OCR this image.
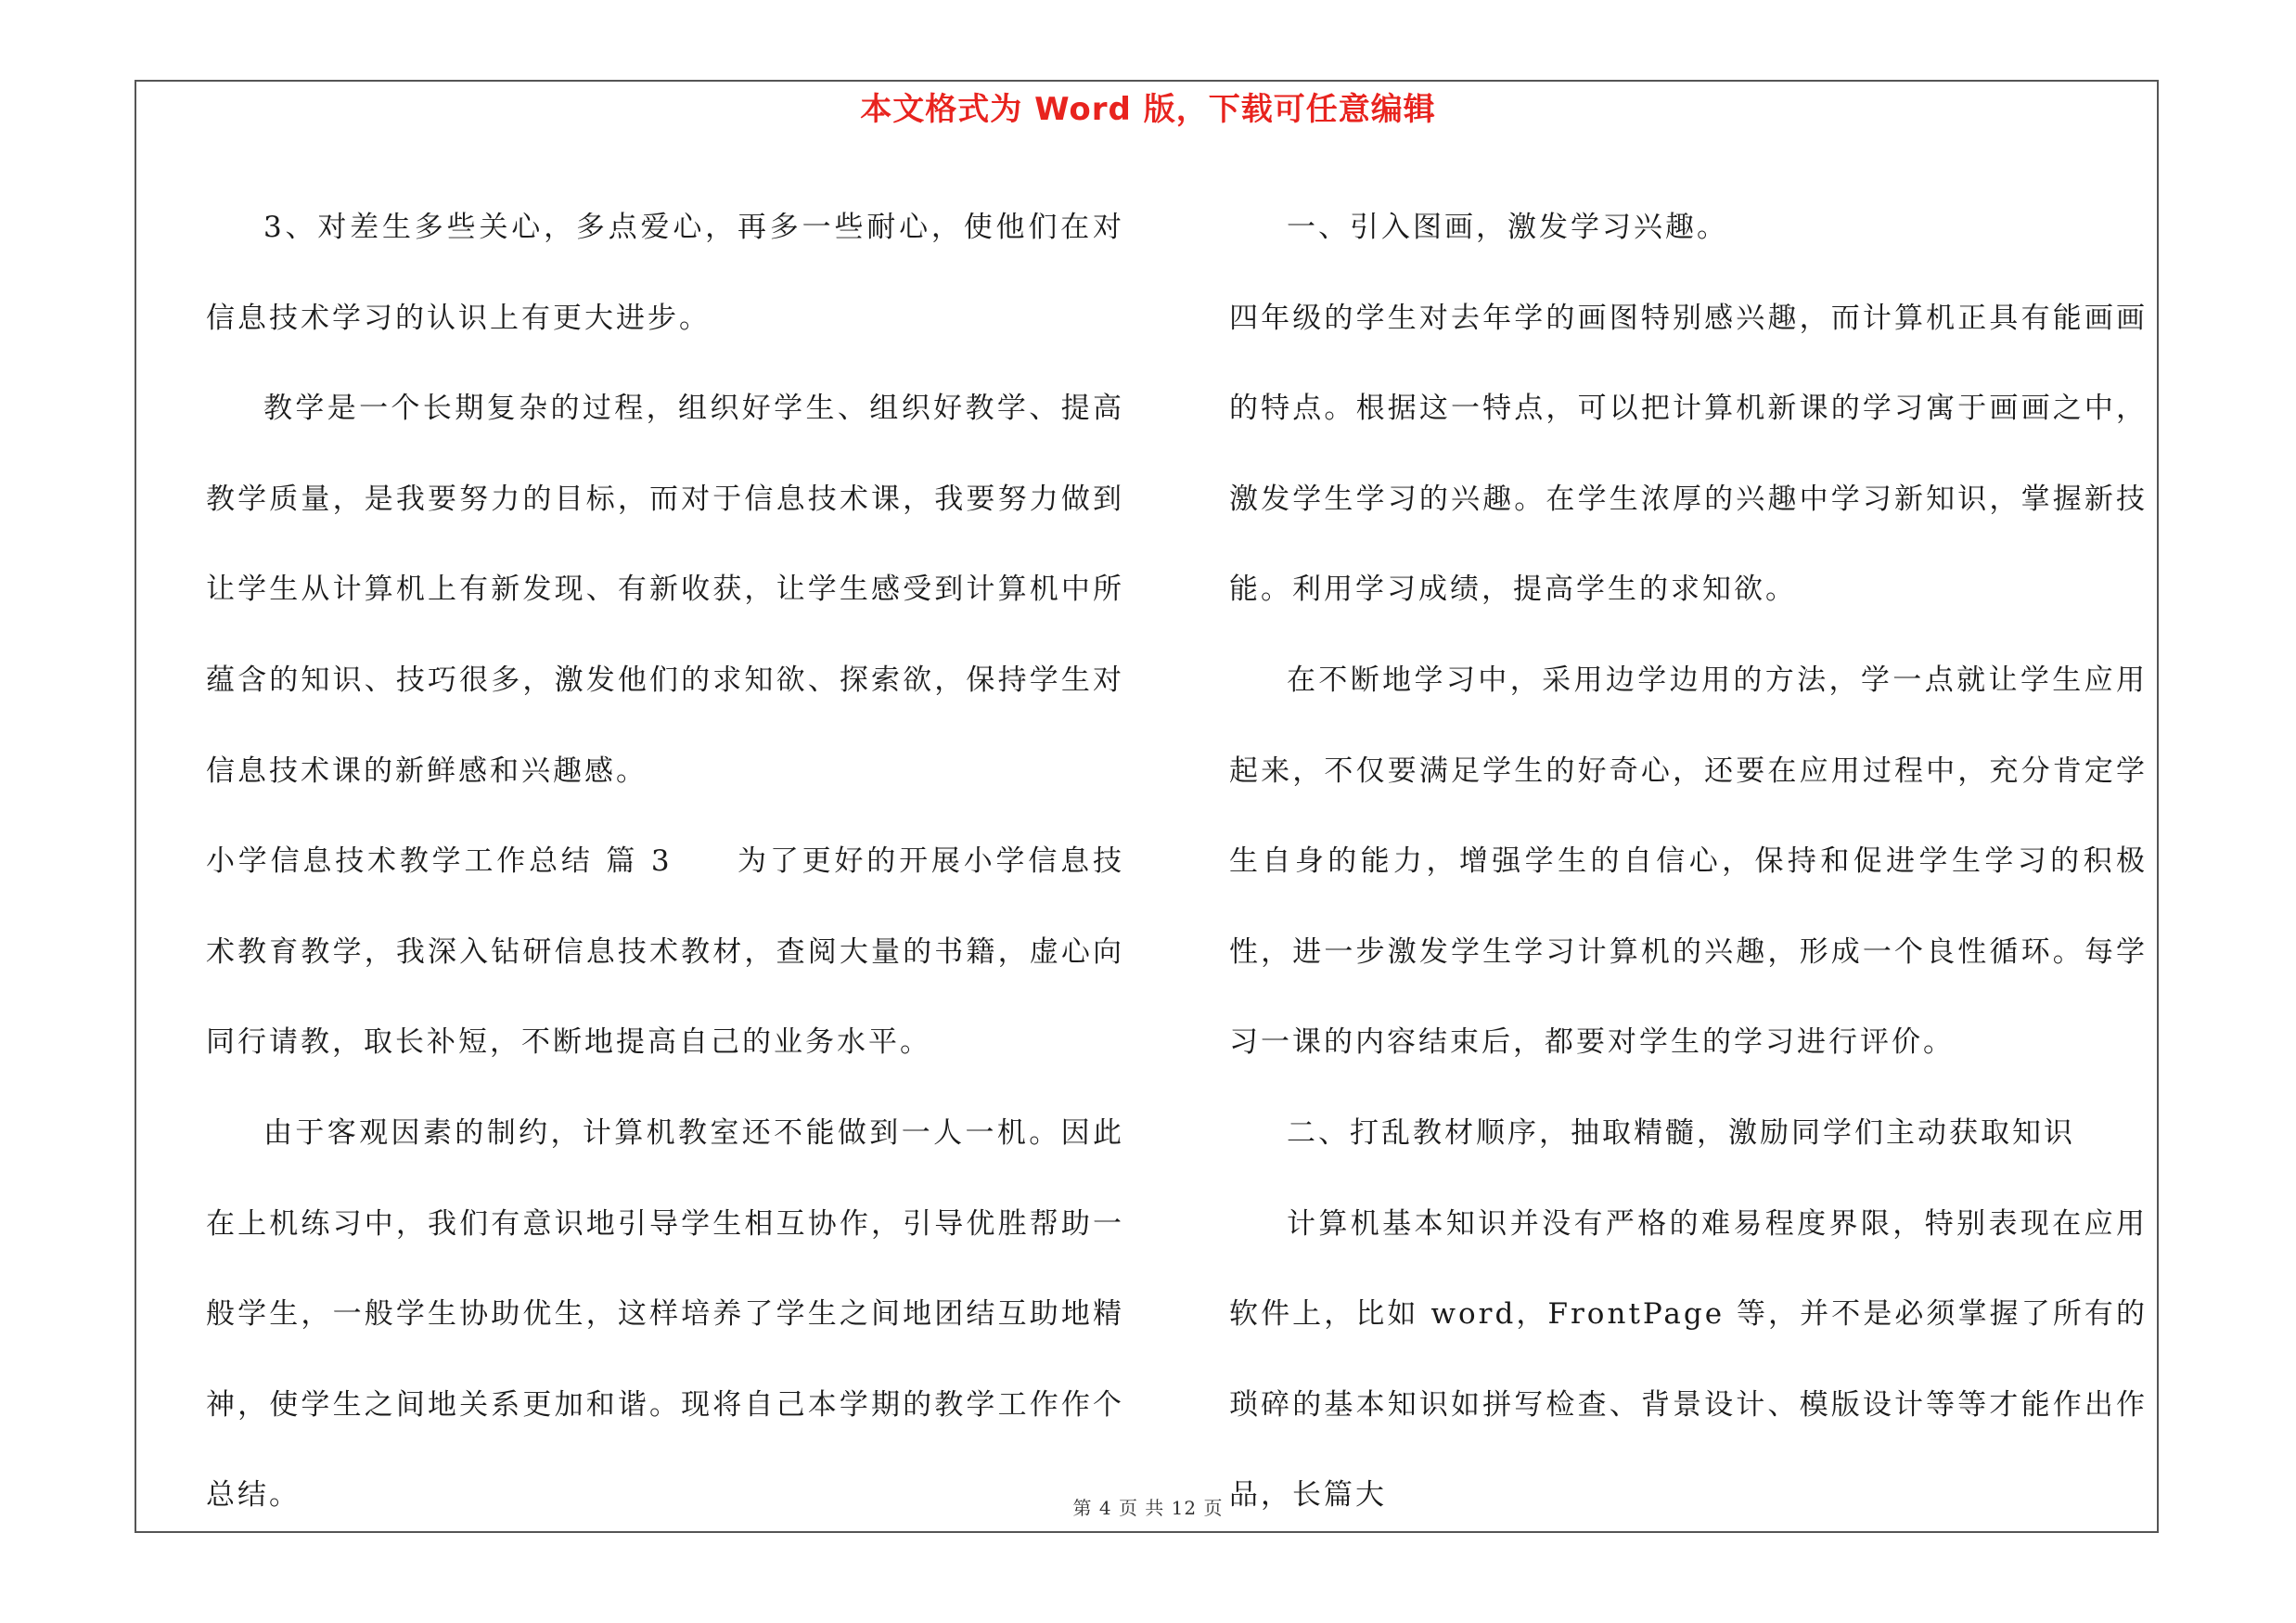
本文格式为 Word 版，下载可任意编辑

3、对差生多些关心，多点爱心，再多一些耐心，使他们在对信息技术学习的认识上有更大进步。

教学是一个长期复杂的过程，组织好学生、组织好教学、提高教学质量，是我要努力的目标，而对于信息技术课，我要努力做到让学生从计算机上有新发现、有新收获，让学生感受到计算机中所蕴含的知识、技巧很多，激发他们的求知欲、探索欲，保持学生对信息技术课的新鲜感和兴趣感。

小学信息技术教学工作总结 篇 3　　为了更好的开展小学信息技术教育教学，我深入钻研信息技术教材，查阅大量的书籍，虚心向同行请教，取长补短，不断地提高自己的业务水平。

由于客观因素的制约，计算机教室还不能做到一人一机。因此在上机练习中，我们有意识地引导学生相互协作，引导优胜帮助一般学生，一般学生协助优生，这样培养了学生之间地团结互助地精神，使学生之间地关系更加和谐。现将自己本学期的教学工作作个总结。

一、引入图画，激发学习兴趣。

四年级的学生对去年学的画图特别感兴趣，而计算机正具有能画画的特点。根据这一特点，可以把计算机新课的学习寓于画画之中，激发学生学习的兴趣。在学生浓厚的兴趣中学习新知识，掌握新技能。利用学习成绩，提高学生的求知欲。

在不断地学习中，采用边学边用的方法，学一点就让学生应用起来，不仅要满足学生的好奇心，还要在应用过程中，充分肯定学生自身的能力，增强学生的自信心，保持和促进学生学习的积极性，进一步激发学生学习计算机的兴趣，形成一个良性循环。每学习一课的内容结束后，都要对学生的学习进行评价。

二、打乱教材顺序，抽取精髓，激励同学们主动获取知识

计算机基本知识并没有严格的难易程度界限，特别表现在应用软件上，比如 word，FrontPage 等，并不是必须掌握了所有的琐碎的基本知识如拼写检查、背景设计、模版设计等等才能作出作品，长篇大

第 4 页 共 12 页
